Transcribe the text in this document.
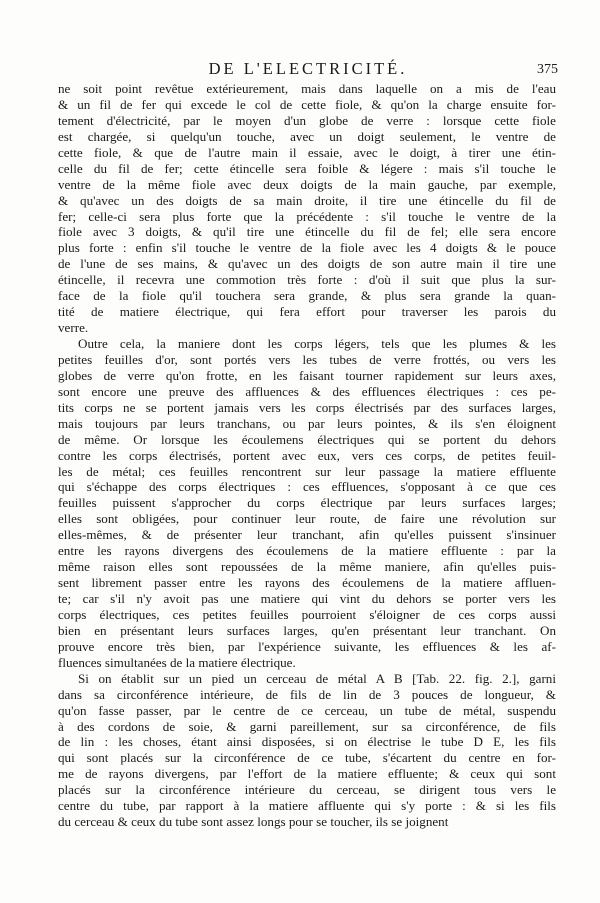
DE L'ELECTRICITÉ.	375
ne soit point revêtue extérieurement, mais dans laquelle on a mis de l'eau
& un fil de fer qui excede le col de cette fiole, & qu'on la charge ensuite for-
tement d'électricité, par le moyen d'un globe de verre : lorsque cette fiole
est chargée, si quelqu'un touche, avec un doigt seulement, le ventre de
cette fiole, & que de l'autre main il essaie, avec le doigt, à tirer une étin-
celle du fil de fer; cette étincelle sera foible & légere : mais s'il touche le
ventre de la même fiole avec deux doigts de la main gauche, par exemple,
& qu'avec un des doigts de sa main droite, il tire une étincelle du fil de
fer; celle-ci sera plus forte que la précédente : s'il touche le ventre de la
fiole avec 3 doigts, & qu'il tire une étincelle du fil de fel; elle sera encore
plus forte : enfin s'il touche le ventre de la fiole avec les 4 doigts & le pouce
de l'une de ses mains, & qu'avec un des doigts de son autre main il tire une
étincelle, il recevra une commotion très forte : d'où il suit que plus la sur-
face de la fiole qu'il touchera sera grande, & plus sera grande la quan-
tité de matiere électrique, qui fera effort pour traverser les parois du
verre.
Outre cela, la maniere dont les corps légers, tels que les plumes & les
petites feuilles d'or, sont portés vers les tubes de verre frottés, ou vers les
globes de verre qu'on frotte, en les faisant tourner rapidement sur leurs axes,
sont encore une preuve des affluences & des effluences électriques : ces pe-
tits corps ne se portent jamais vers les corps électrisés par des surfaces larges,
mais toujours par leurs tranchans, ou par leurs pointes, & ils s'en éloignent
de même. Or lorsque les écoulemens électriques qui se portent du dehors
contre les corps électrisés, portent avec eux, vers ces corps, de petites feuil-
les de métal; ces feuilles rencontrent sur leur passage la matiere effluente
qui s'échappe des corps électriques : ces effluences, s'opposant à ce que ces
feuilles puissent s'approcher du corps électrique par leurs surfaces larges;
elles sont obligées, pour continuer leur route, de faire une révolution sur
elles-mêmes, & de présenter leur tranchant, afin qu'elles puissent s'insinuer
entre les rayons divergens des écoulemens de la matiere effluente : par la
même raison elles sont repoussées de la même maniere, afin qu'elles puis-
sent librement passer entre les rayons des écoulemens de la matiere affluen-
te; car s'il n'y avoit pas une matiere qui vint du dehors se porter vers les
corps électriques, ces petites feuilles pourroient s'éloigner de ces corps aussi
bien en présentant leurs surfaces larges, qu'en présentant leur tranchant. On
prouve encore très bien, par l'expérience suivante, les effluences & les af-
fluences simultanées de la matiere électrique.
Si on établit sur un pied un cerceau de métal A B [Tab. 22. fig. 2.], garni
dans sa circonférence intérieure, de fils de lin de 3 pouces de longueur, &
qu'on fasse passer, par le centre de ce cerceau, un tube de métal, suspendu
à des cordons de soie, & garni pareillement, sur sa circonférence, de fils
de lin : les choses, étant ainsi disposées, si on électrise le tube D E, les fils
qui sont placés sur la circonférence de ce tube, s'écartent du centre en for-
me de rayons divergens, par l'effort de la matiere effluente; & ceux qui sont
placés sur la circonférence intérieure du cerceau, se dirigent tous vers le
centre du tube, par rapport à la matiere affluente qui s'y porte : & si les fils
du cerceau & ceux du tube sont assez longs pour se toucher, ils se joignent
